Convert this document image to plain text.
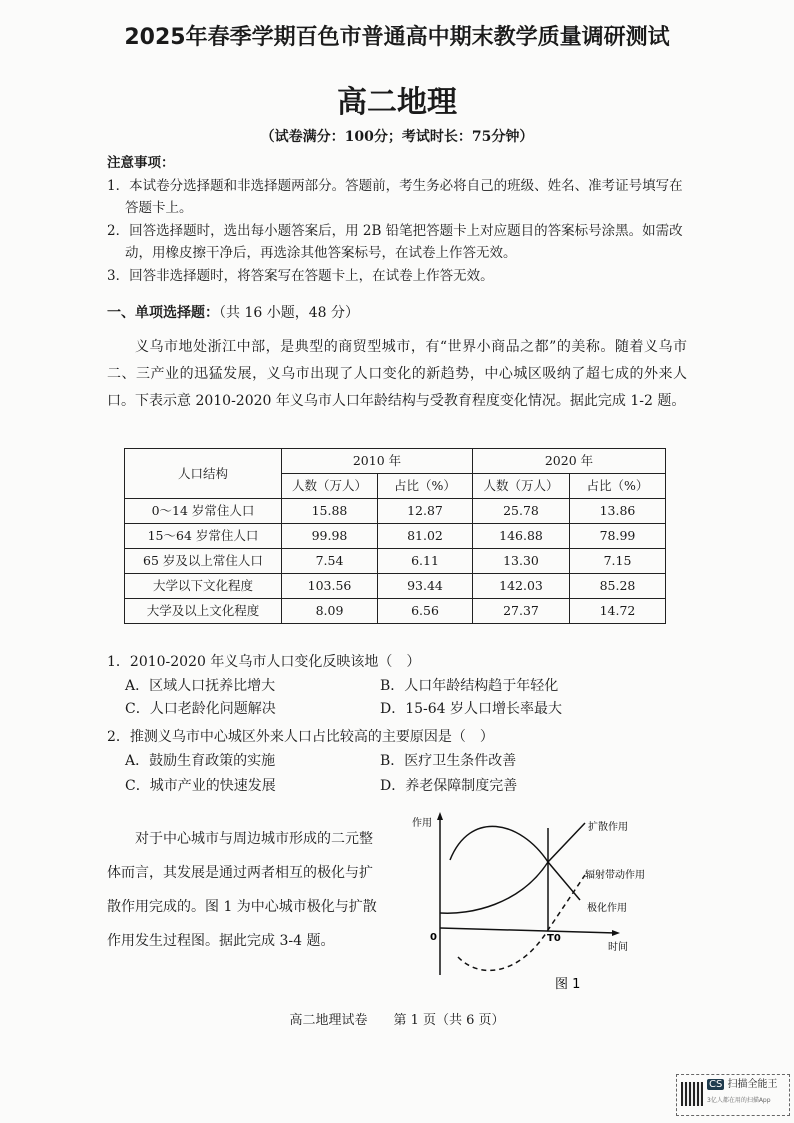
2025年春季学期百色市普通高中期末教学质量调研测试
高二地理
（试卷满分：100分；考试时长：75分钟）
注意事项：
1．本试卷分选择题和非选择题两部分。答题前，考生务必将自己的班级、姓名、准考证号填写在答题卡上。
2．回答选择题时，选出每小题答案后，用 2B 铅笔把答题卡上对应题目的答案标号涂黑。如需改动，用橡皮擦干净后，再选涂其他答案标号，在试卷上作答无效。
3．回答非选择题时，将答案写在答题卡上，在试卷上作答无效。
一、单项选择题：（共 16 小题，48 分）
义乌市地处浙江中部，是典型的商贸型城市，有“世界小商品之都”的美称。随着义乌市二、三产业的迅猛发展，义乌市出现了人口变化的新趋势，中心城区吸纳了超七成的外来人口。下表示意 2010-2020 年义乌市人口年龄结构与受教育程度变化情况。据此完成 1-2 题。
人口结构	2010 年		2020 年	
	人数（万人）	占比（%）	人数（万人）	占比（%）
0～14 岁常住人口	15.88	12.87	25.78	13.86
15～64 岁常住人口	99.98	81.02	146.88	78.99
65 岁及以上常住人口	7.54	6.11	13.30	7.15
大学以下文化程度	103.56	93.44	142.03	85.28
大学及以上文化程度	8.09	6.56	27.37	14.72
1．2010-2020 年义乌市人口变化反映该地（　）
A．区域人口抚养比增大	B．人口年龄结构趋于年轻化
C．人口老龄化问题解决	D．15-64 岁人口增长率最大
2．推测义乌市中心城区外来人口占比较高的主要原因是（　）
A．鼓励生育政策的实施	B．医疗卫生条件改善
C．城市产业的快速发展	D．养老保障制度完善
对于中心城市与周边城市形成的二元整体而言，其发展是通过两者相互的极化与扩散作用完成的。图 1 为中心城市极化与扩散作用发生过程图。据此完成 3-4 题。
作用
时间
0	T0
扩散作用
辐射带动作用
极化作用
图 1
高二地理试卷　　第 1 页（共 6 页）
CS 扫描全能王
3亿人都在用的扫描App
